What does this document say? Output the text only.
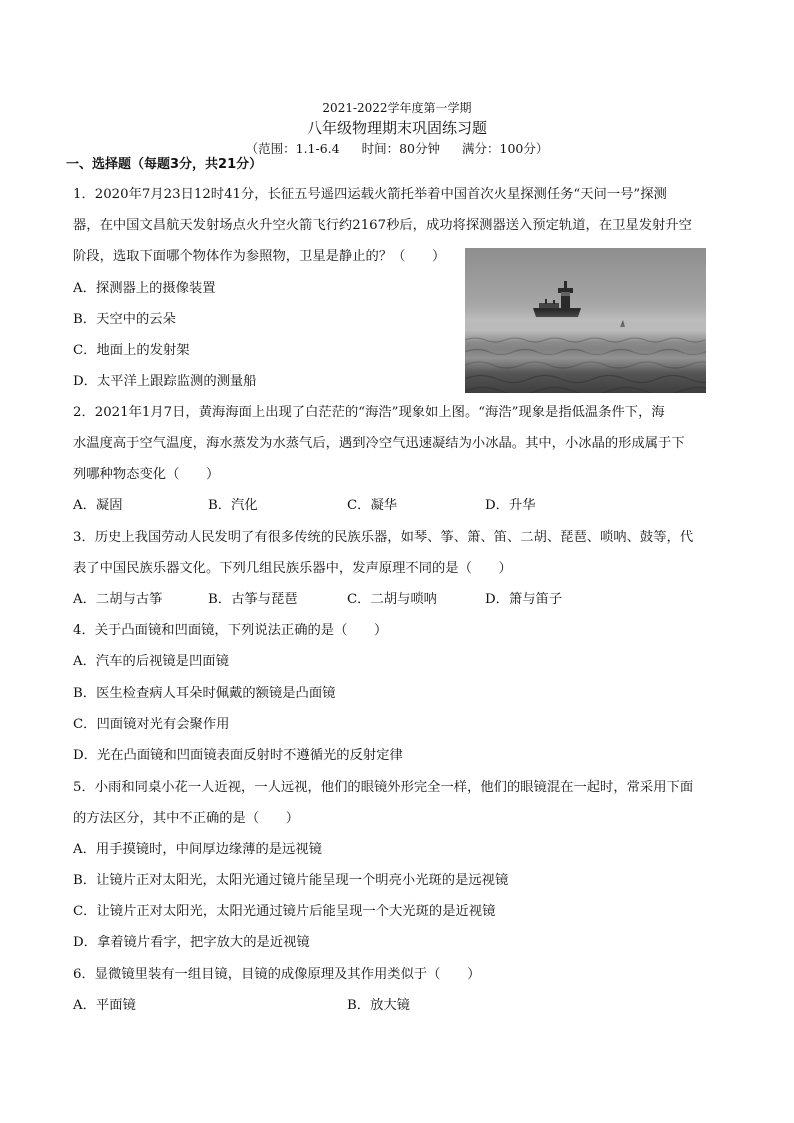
2021-2022学年度第一学期
八年级物理期末巩固练习题
（范围：1.1-6.4 时间：80分钟 满分：100分）
一、选择题（每题3分，共21分）
1．2020年7月23日12时41分，长征五号遥四运载火箭托举着中国首次火星探测任务“天问一号”探测
器，在中国文昌航天发射场点火升空火箭飞行约2167秒后，成功将探测器送入预定轨道，在卫星发射升空
阶段，选取下面哪个物体作为参照物，卫星是静止的？（　　）
A．探测器上的摄像装置
B．天空中的云朵
C．地面上的发射架
D．太平洋上跟踪监测的测量船
2．2021年1月7日，黄海海面上出现了白茫茫的“海浩”现象如上图。“海浩”现象是指低温条件下，海
水温度高于空气温度，海水蒸发为水蒸气后，遇到冷空气迅速凝结为小冰晶。其中，小冰晶的形成属于下
列哪种物态变化（　　）
A．凝固	B．汽化	C．凝华	D．升华
3．历史上我国劳动人民发明了有很多传统的民族乐器，如琴、筝、箫、笛、二胡、琵琶、唢呐、鼓等，代
表了中国民族乐器文化。下列几组民族乐器中，发声原理不同的是（　　）
A．二胡与古筝	B．古筝与琵琶	C．二胡与唢呐	D．箫与笛子
4．关于凸面镜和凹面镜，下列说法正确的是（　　）
A．汽车的后视镜是凹面镜
B．医生检查病人耳朵时佩戴的额镜是凸面镜
C．凹面镜对光有会聚作用
D．光在凸面镜和凹面镜表面反射时不遵循光的反射定律
5．小雨和同桌小花一人近视，一人远视，他们的眼镜外形完全一样，他们的眼镜混在一起时，常采用下面
的方法区分，其中不正确的是（　　）
A．用手摸镜时，中间厚边缘薄的是远视镜
B．让镜片正对太阳光，太阳光通过镜片能呈现一个明亮小光斑的是远视镜
C．让镜片正对太阳光，太阳光通过镜片后能呈现一个大光斑的是近视镜
D．拿着镜片看字，把字放大的是近视镜
6．显微镜里装有一组目镜，目镜的成像原理及其作用类似于（　　）
A．平面镜	B．放大镜
